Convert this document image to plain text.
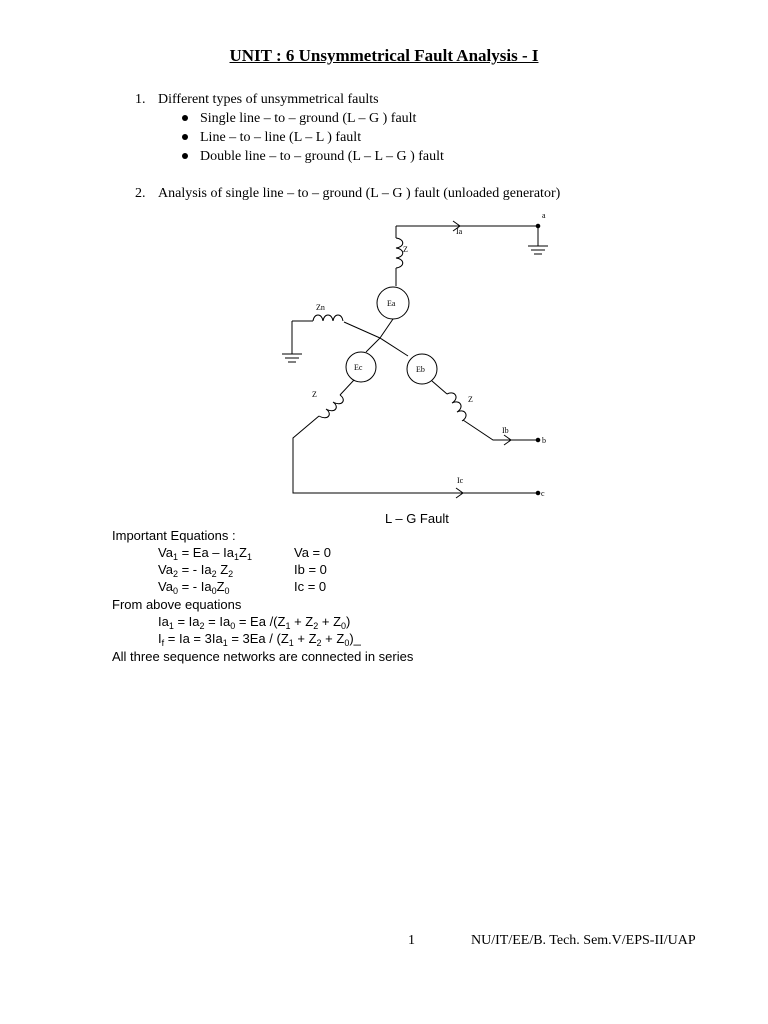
UNIT : 6 Unsymmetrical Fault Analysis - I
1. Different types of unsymmetrical faults
Single line – to – ground (L – G ) fault
Line – to – line (L – L ) fault
Double line – to – ground (L – L – G ) fault
2. Analysis of single line – to – ground (L – G ) fault (unloaded generator)
a
Ia
Z
Ea
Zn
Ec	Eb
Z
Z
Ib
b
Ic
c
L – G Fault
Important Equations :
$Va_1 = Ea - Ia_1Z_1$	Va = 0
$Va_2$ = - $Ia_2$ $Z_2$	Ib = 0
$Va_0$ = - $Ia_0Z_0$	Ic = 0
From above equations
$Ia_1 = Ia_2 = Ia_0 = Ea$ $/(Z_1 + Z_2 + Z_0)$
$I_f = Ia = 3Ia_1 = 3Ea / (Z_1 + Z_2$ + $Z_0)\_$
All three sequence networks are connected in series
1	NU/IT/EE/B. Tech. Sem.V/EPS-II/UAP
